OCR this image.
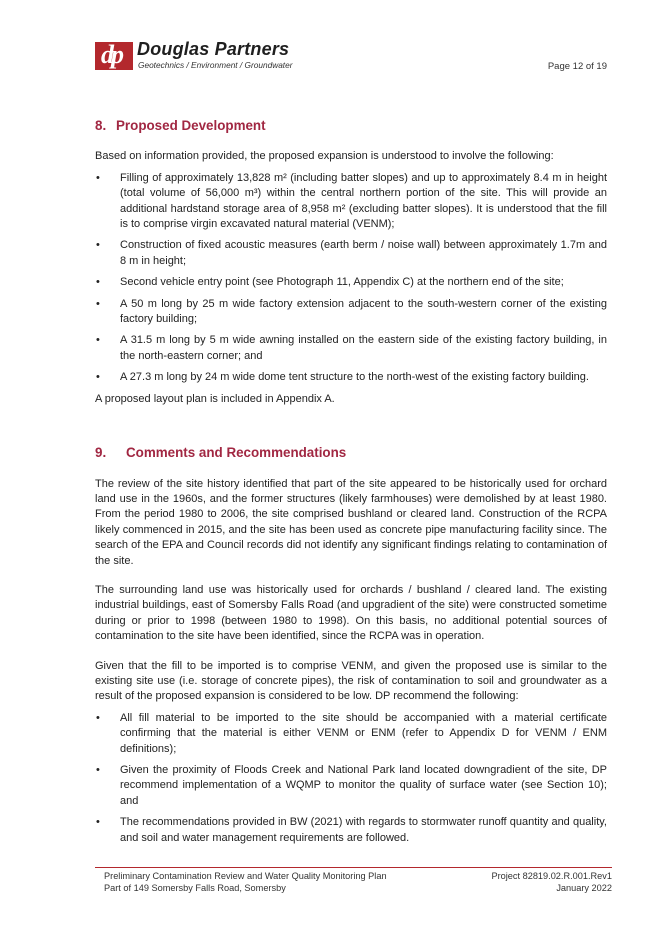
dp Douglas Partners
Geotechnics / Environment / Groundwater	Page 12 of 19
8. Proposed Development

Based on information provided, the proposed expansion is understood to involve the following:

• Filling of approximately 13,828 m² (including batter slopes) and up to approximately 8.4 m in height (total volume of 56,000 m³) within the central northern portion of the site. This will provide an additional hardstand storage area of 8,958 m² (excluding batter slopes). It is understood that the fill is to comprise virgin excavated natural material (VENM);
• Construction of fixed acoustic measures (earth berm / noise wall) between approximately 1.7m and 8 m in height;
• Second vehicle entry point (see Photograph 11, Appendix C) at the northern end of the site;
• A 50 m long by 25 m wide factory extension adjacent to the south-western corner of the existing factory building;
• A 31.5 m long by 5 m wide awning installed on the eastern side of the existing factory building, in the north-eastern corner; and
• A 27.3 m long by 24 m wide dome tent structure to the north-west of the existing factory building.

A proposed layout plan is included in Appendix A.

9.	Comments and Recommendations

The review of the site history identified that part of the site appeared to be historically used for orchard land use in the 1960s, and the former structures (likely farmhouses) were demolished by at least 1980. From the period 1980 to 2006, the site comprised bushland or cleared land. Construction of the RCPA likely commenced in 2015, and the site has been used as concrete pipe manufacturing facility since. The search of the EPA and Council records did not identify any significant findings relating to contamination of the site.

The surrounding land use was historically used for orchards / bushland / cleared land. The existing industrial buildings, east of Somersby Falls Road (and upgradient of the site) were constructed sometime during or prior to 1998 (between 1980 to 1998). On this basis, no additional potential sources of contamination to the site have been identified, since the RCPA was in operation.

Given that the fill to be imported is to comprise VENM, and given the proposed use is similar to the existing site use (i.e. storage of concrete pipes), the risk of contamination to soil and groundwater as a result of the proposed expansion is considered to be low. DP recommend the following:

• All fill material to be imported to the site should be accompanied with a material certificate confirming that the material is either VENM or ENM (refer to Appendix D for VENM / ENM definitions);
• Given the proximity of Floods Creek and National Park land located downgradient of the site, DP recommend implementation of a WQMP to monitor the quality of surface water (see Section 10); and
• The recommendations provided in BW (2021) with regards to stormwater runoff quantity and quality, and soil and water management requirements are followed.
Preliminary Contamination Review and Water Quality Monitoring Plan
Part of 149 Somersby Falls Road, Somersby
Project 82819.02.R.001.Rev1
January 2022
